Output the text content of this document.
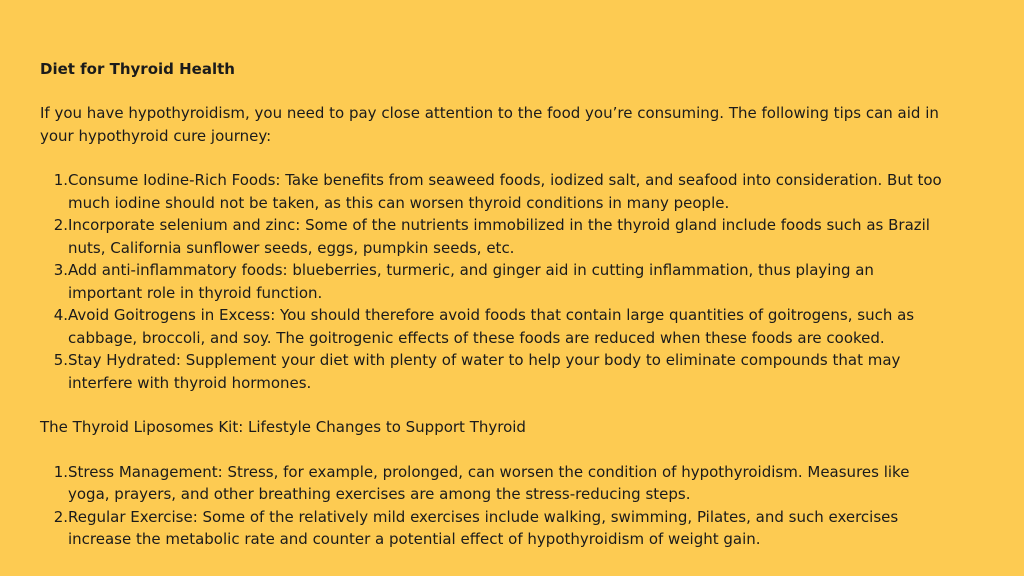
Diet for Thyroid Health

If you have hypothyroidism, you need to pay close attention to the food you’re consuming. The following tips can aid in your hypothyroid cure journey:

1. Consume Iodine-Rich Foods: Take benefits from seaweed foods, iodized salt, and seafood into consideration. But too much iodine should not be taken, as this can worsen thyroid conditions in many people.
2. Incorporate selenium and zinc: Some of the nutrients immobilized in the thyroid gland include foods such as Brazil nuts, California sunflower seeds, eggs, pumpkin seeds, etc.
3. Add anti-inflammatory foods: blueberries, turmeric, and ginger aid in cutting inflammation, thus playing an important role in thyroid function.
4. Avoid Goitrogens in Excess: You should therefore avoid foods that contain large quantities of goitrogens, such as cabbage, broccoli, and soy. The goitrogenic effects of these foods are reduced when these foods are cooked.
5. Stay Hydrated: Supplement your diet with plenty of water to help your body to eliminate compounds that may interfere with thyroid hormones.

The Thyroid Liposomes Kit: Lifestyle Changes to Support Thyroid

1. Stress Management: Stress, for example, prolonged, can worsen the condition of hypothyroidism. Measures like yoga, prayers, and other breathing exercises are among the stress-reducing steps.
2. Regular Exercise: Some of the relatively mild exercises include walking, swimming, Pilates, and such exercises increase the metabolic rate and counter a potential effect of hypothyroidism of weight gain.
